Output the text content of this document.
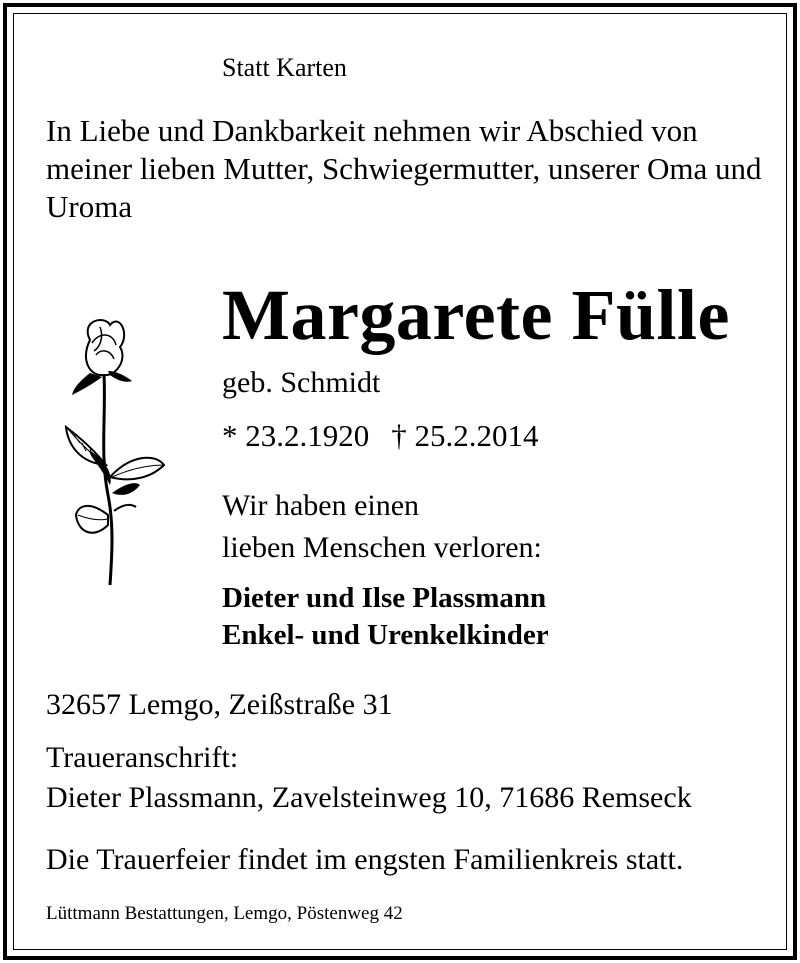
Statt Karten
In Liebe und Dankbarkeit nehmen wir Abschied von meiner lieben Mutter, Schwiegermutter, unserer Oma und Uroma
Margarete Fülle
geb. Schmidt
* 23.2.1920 † 25.2.2014
Wir haben einen
lieben Menschen verloren:
Dieter und Ilse Plassmann
Enkel- und Urenkelkinder
32657 Lemgo, Zeißstraße 31
Traueranschrift:
Dieter Plassmann, Zavelsteinweg 10, 71686 Remseck
Die Trauerfeier findet im engsten Familienkreis statt.
Lüttmann Bestattungen, Lemgo, Pöstenweg 42
